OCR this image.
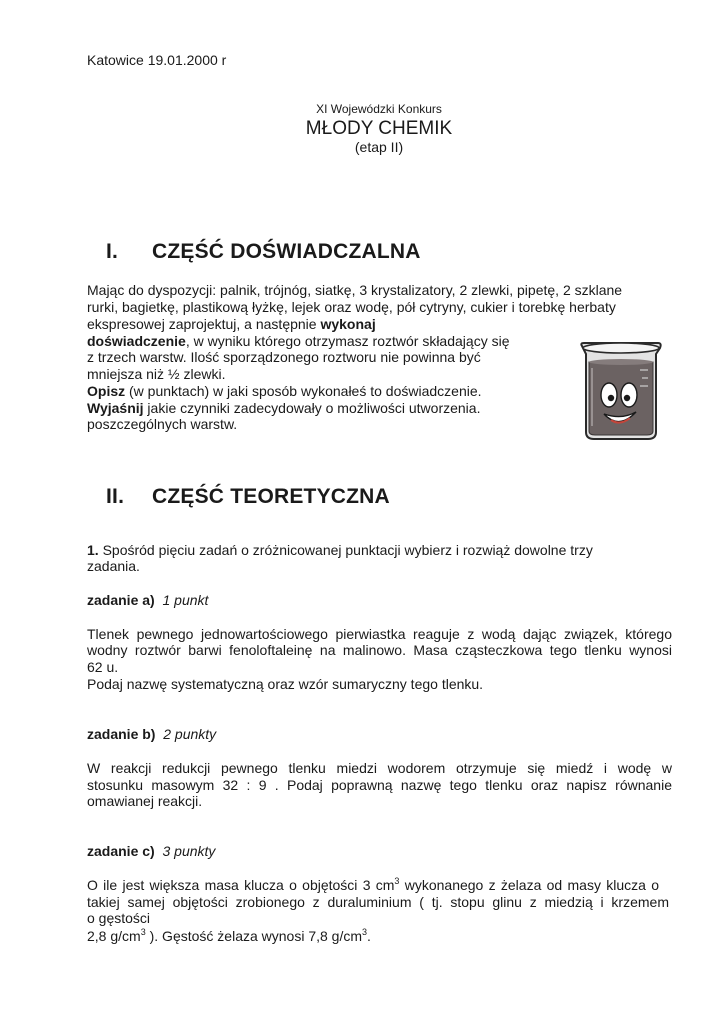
Katowice 19.01.2000 r
XI Wojewódzki Konkurs
MŁODY CHEMIK
(etap II)
I. CZĘŚĆ DOŚWIADCZALNA
Mając do dyspozycji: palnik, trójnóg, siatkę, 3 krystalizatory, 2 zlewki, pipetę, 2 szklane
rurki, bagietkę, plastikową łyżkę, lejek oraz wodę, pół cytryny, cukier i torebkę herbaty
ekspresowej zaprojektuj, a następnie wykonaj
doświadczenie, w wyniku którego otrzymasz roztwór składający się
z trzech warstw. Ilość sporządzonego roztworu nie powinna być
mniejsza niż ½ zlewki.
Opisz (w punktach) w jaki sposób wykonałeś to doświadczenie.
Wyjaśnij jakie czynniki zadecydowały o możliwości utworzenia.
poszczególnych warstw.
II. CZĘŚĆ TEORETYCZNA
1. Spośród pięciu zadań o zróżnicowanej punktacji wybierz i rozwiąż dowolne trzy
zadania.
zadanie a) 1 punkt
Tlenek pewnego jednowartościowego pierwiastka reaguje z wodą dając związek, którego
wodny roztwór barwi fenoloftaleinę na malinowo. Masa cząsteczkowa tego tlenku wynosi
62 u.
Podaj nazwę systematyczną oraz wzór sumaryczny tego tlenku.
zadanie b) 2 punkty
W reakcji redukcji pewnego tlenku miedzi wodorem otrzymuje się miedź i wodę w
stosunku masowym 32 : 9 . Podaj poprawną nazwę tego tlenku oraz napisz równanie
omawianej reakcji.
zadanie c) 3 punkty
O ile jest większa masa klucza o objętości 3 $cm^3$ wykonanego z żelaza od masy klucza o
takiej samej objętości zrobionego z duraluminium ( tj. stopu glinu z miedzią i krzemem
o gęstości
2,8 $g/cm^3$ ). Gęstość żelaza wynosi 7,8 $g/cm^3$.
